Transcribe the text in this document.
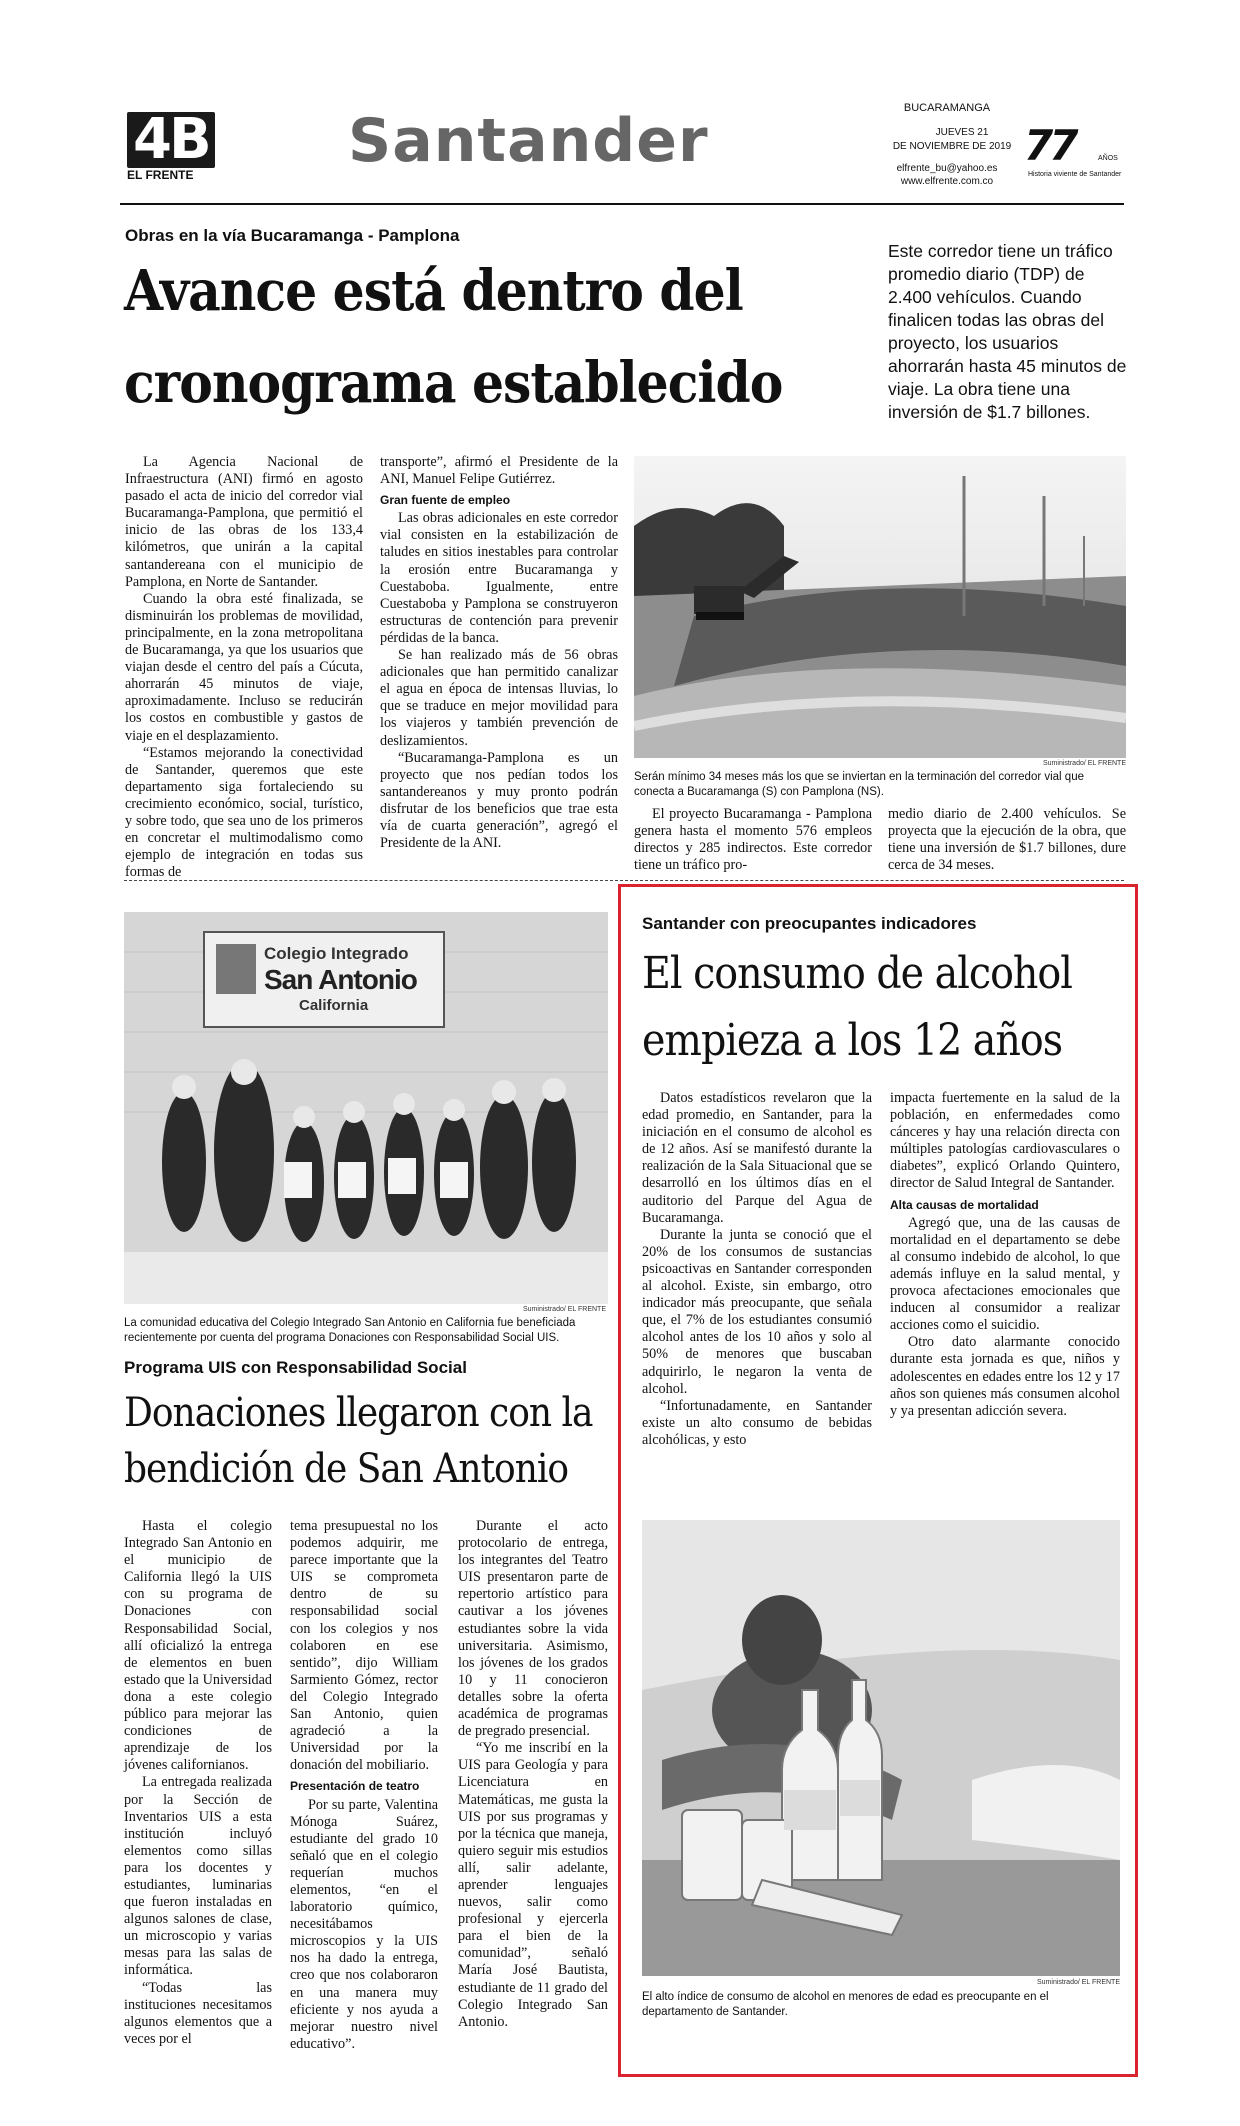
4B
EL FRENTE	Santander	BUCARAMANGA
JUEVES 21
DE NOVIEMBRE DE 2019
elfrente_bu@yahoo.es
www.elfrente.com.co
77	AÑOS
Historia viviente de Santander
Obras en la vía Bucaramanga - Pamplona
Avance está dentro del
cronograma establecido
Este corredor tiene un tráfico promedio diario (TDP) de 2.400 vehículos. Cuando finalicen todas las obras del proyecto, los usuarios ahorrarán hasta 45 minutos de viaje. La obra tiene una inversión de $1.7 billones.

La Agencia Nacional de Infraestructura (ANI) firmó en agosto pasado el acta de inicio del corredor vial Bucaramanga-Pamplona, que permitió el inicio de las obras de los 133,4 kilómetros, que unirán a la capital santandereana con el municipio de Pamplona, en Norte de Santander.

Cuando la obra esté finalizada, se disminuirán los problemas de movilidad, principalmente, en la zona metropolitana de Bucaramanga, ya que los usuarios que viajan desde el centro del país a Cúcuta, ahorrarán 45 minutos de viaje, aproximadamente. Incluso se reducirán los costos en combustible y gastos de viaje en el desplazamiento.

“Estamos mejorando la conectividad de Santander, queremos que este departamento siga fortaleciendo su crecimiento económico, social, turístico, y sobre todo, que sea uno de los primeros en concretar el multimodalismo como ejemplo de integración en todas sus formas de

transporte”, afirmó el Presidente de la ANI, Manuel Felipe Gutiérrez.

Gran fuente de empleo

Las obras adicionales en este corredor vial consisten en la estabilización de taludes en sitios inestables para controlar la erosión entre Bucaramanga y Cuestaboba. Igualmente, entre Cuestaboba y Pamplona se construyeron estructuras de contención para prevenir pérdidas de la banca.

Se han realizado más de 56 obras adicionales que han permitido canalizar el agua en época de intensas lluvias, lo que se traduce en mejor movilidad para los viajeros y también prevención de deslizamientos.

“Bucaramanga-Pamplona es un proyecto que nos pedían todos los santandereanos y muy pronto podrán disfrutar de los beneficios que trae esta vía de cuarta generación”, agregó el Presidente de la ANI.

Suministrado/ EL FRENTE
Serán mínimo 34 meses más los que se inviertan en la terminación del corredor vial que conecta a Bucaramanga (S) con Pamplona (NS).

El proyecto Bucaramanga - Pamplona genera hasta el momento 576 empleos directos y 285 indirectos. Este corredor tiene un tráfico pro-

medio diario de 2.400 vehículos. Se proyecta que la ejecución de la obra, que tiene una inversión de $1.7 billones, dure cerca de 34 meses.

Colegio Integrado
San Antonio
California
Suministrado/ EL FRENTE
La comunidad educativa del Colegio Integrado San Antonio en California fue beneficiada recientemente por cuenta del programa Donaciones con Responsabilidad Social UIS.
Programa UIS con Responsabilidad Social
Donaciones llegaron con la
bendición de San Antonio

Hasta el colegio Integrado San Antonio en el municipio de California llegó la UIS con su programa de Donaciones con Responsabilidad Social, allí oficializó la entrega de elementos en buen estado que la Universidad dona a este colegio público para mejorar las condiciones de aprendizaje de los jóvenes californianos.

La entregada realizada por la Sección de Inventarios UIS a esta institución incluyó elementos como sillas para los docentes y estudiantes, luminarias que fueron instaladas en algunos salones de clase, un microscopio y varias mesas para las salas de informática.

“Todas las instituciones necesitamos algunos elementos que a veces por el

tema presupuestal no los podemos adquirir, me parece importante que la UIS se comprometa dentro de su responsabilidad social con los colegios y nos colaboren en ese sentido”, dijo William Sarmiento Gómez, rector del Colegio Integrado San Antonio, quien agradeció a la Universidad por la donación del mobiliario.

Presentación de teatro

Por su parte, Valentina Mónoga Suárez, estudiante del grado 10 señaló que en el colegio requerían muchos elementos, “en el laboratorio químico, necesitábamos microscopios y la UIS nos ha dado la entrega, creo que nos colaboraron en una manera muy eficiente y nos ayuda a mejorar nuestro nivel educativo”.

Durante el acto protocolario de entrega, los integrantes del Teatro UIS presentaron parte de repertorio artístico para cautivar a los jóvenes estudiantes sobre la vida universitaria. Asimismo, los jóvenes de los grados 10 y 11 conocieron detalles sobre la oferta académica de programas de pregrado presencial.

“Yo me inscribí en la UIS para Geología y para Licenciatura en Matemáticas, me gusta la UIS por sus programas y por la técnica que maneja, quiero seguir mis estudios allí, salir adelante, aprender lenguajes nuevos, salir como profesional y ejercerla para el bien de la comunidad”, señaló María José Bautista, estudiante de 11 grado del Colegio Integrado San Antonio.

Santander con preocupantes indicadores
El consumo de alcohol
empieza a los 12 años

Datos estadísticos revelaron que la edad promedio, en Santander, para la iniciación en el consumo de alcohol es de 12 años. Así se manifestó durante la realización de la Sala Situacional que se desarrolló en los últimos días en el auditorio del Parque del Agua de Bucaramanga.

Durante la junta se conoció que el 20% de los consumos de sustancias psicoactivas en Santander corresponden al alcohol. Existe, sin embargo, otro indicador más preocupante, que señala que, el 7% de los estudiantes consumió alcohol antes de los 10 años y solo al 50% de menores que buscaban adquirirlo, le negaron la venta de alcohol.

“Infortunadamente, en Santander existe un alto consumo de bebidas alcohólicas, y esto

impacta fuertemente en la salud de la población, en enfermedades como cánceres y hay una relación directa con múltiples patologías cardiovasculares o diabetes”, explicó Orlando Quintero, director de Salud Integral de Santander.

Alta causas de mortalidad

Agregó que, una de las causas de mortalidad en el departamento se debe al consumo indebido de alcohol, lo que además influye en la salud mental, y provoca afectaciones emocionales que inducen al consumidor a realizar acciones como el suicidio.

Otro dato alarmante conocido durante esta jornada es que, niños y adolescentes en edades entre los 12 y 17 años son quienes más consumen alcohol y ya presentan adicción severa.

Suministrado/ EL FRENTE
El alto índice de consumo de alcohol en menores de edad es preocupante en el departamento de Santander.
